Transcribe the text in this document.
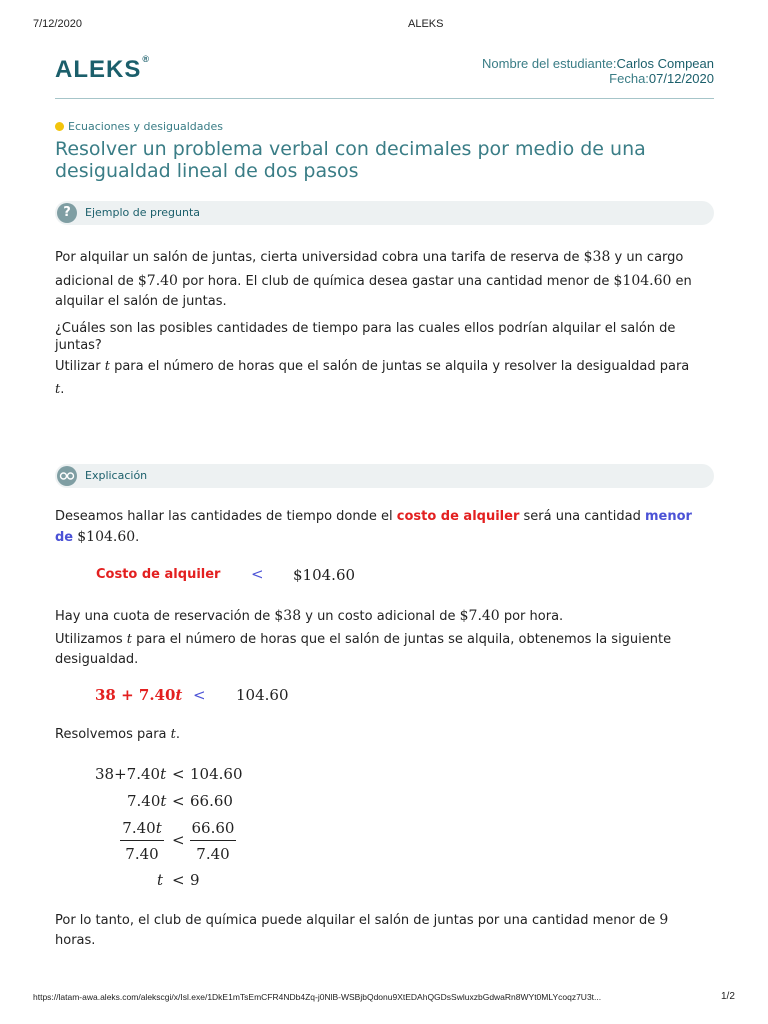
7/12/2020	ALEKS
ALEKS®	Nombre del estudiante:Carlos Compean
Fecha:07/12/2020
Ecuaciones y desigualdades
Resolver un problema verbal con decimales por medio de una
desigualdad lineal de dos pasos
?	Ejemplo de pregunta
Por alquilar un salón de juntas, cierta universidad cobra una tarifa de reserva de $38 y un cargo
adicional de $7.40 por hora. El club de química desea gastar una cantidad menor de $104.60 en
alquilar el salón de juntas.
¿Cuáles son las posibles cantidades de tiempo para las cuales ellos podrían alquilar el salón de
juntas?
Utilizar t para el número de horas que el salón de juntas se alquila y resolver la desigualdad para
t.
Explicación
Deseamos hallar las cantidades de tiempo donde el costo de alquiler será una cantidad menor
de $104.60.
Costo de alquiler < $104.60
Hay una cuota de reservación de $38 y un costo adicional de $7.40 por hora.
Utilizamos t para el número de horas que el salón de juntas se alquila, obtenemos la siguiente
desigualdad.
38 + 7.40t < 104.60
Resolvemos para t.
38+7.40t < 104.60
7.40t < 66.60
7.40t
7.40
<
66.60
7.40
t < 9
Por lo tanto, el club de química puede alquilar el salón de juntas por una cantidad menor de 9
horas.
https://latam-awa.aleks.com/alekscgi/x/Isl.exe/1DkE1mTsEmCFR4NDb4Zq-j0NlB-WSBjbQdonu9XtEDAhQGDsSwluxzbGdwaRn8WYt0MLYcoqz7U3t...	1/2
